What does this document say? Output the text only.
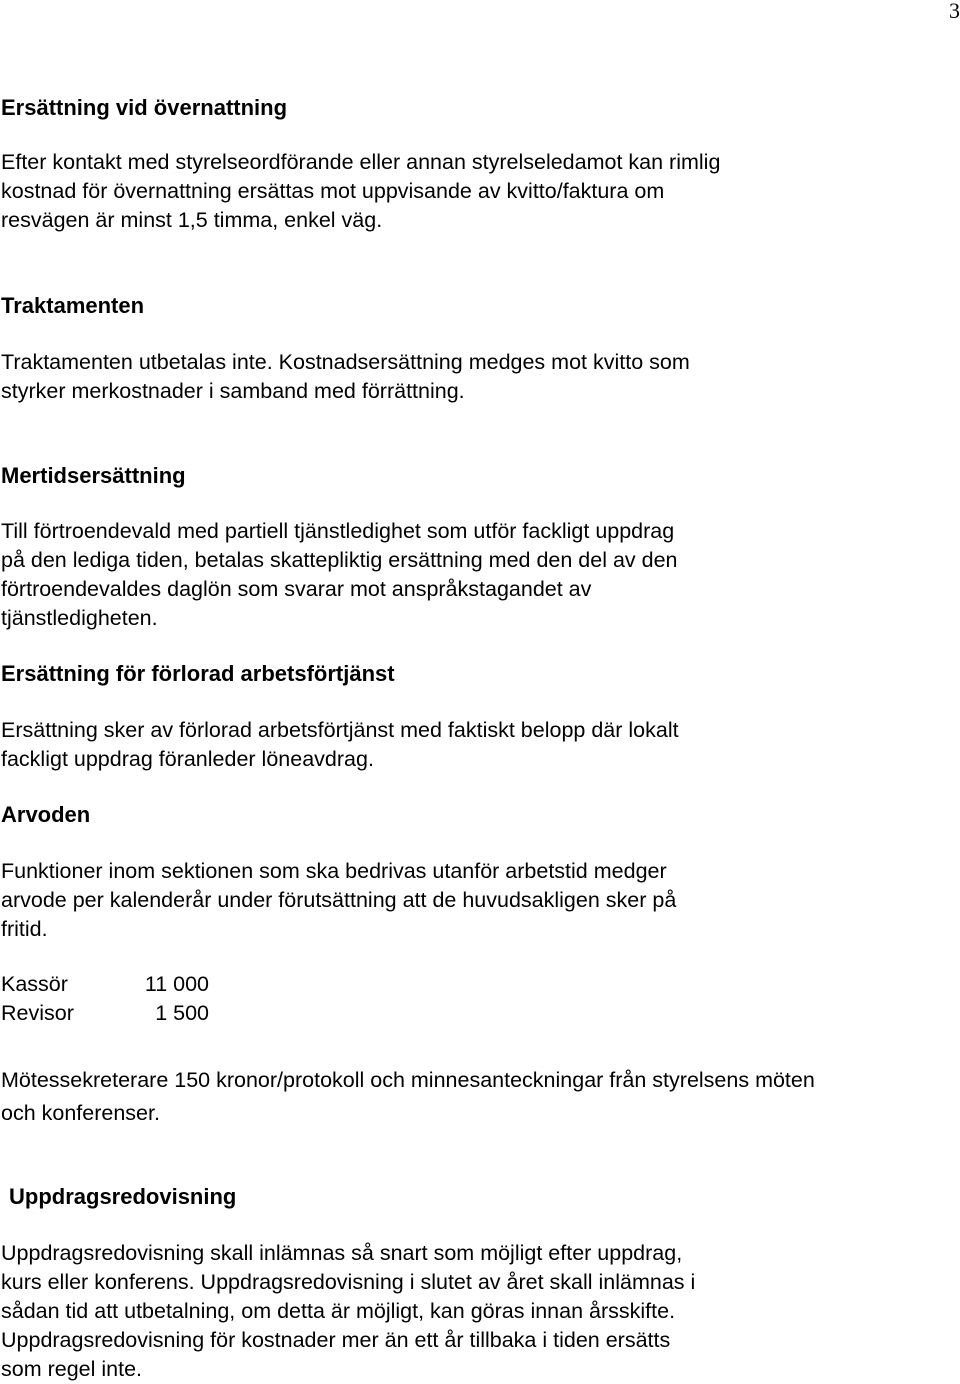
3
Ersättning vid övernattning
Efter kontakt med styrelseordförande eller annan styrelseledamot kan rimlig
kostnad för övernattning ersättas mot uppvisande av kvitto/faktura om
resvägen är minst 1,5 timma, enkel väg.
Traktamenten
Traktamenten utbetalas inte. Kostnadsersättning medges mot kvitto som
styrker merkostnader i samband med förrättning.
Mertidsersättning
Till förtroendevald med partiell tjänstledighet som utför fackligt uppdrag
på den lediga tiden, betalas skattepliktig ersättning med den del av den
förtroendevaldes daglön som svarar mot anspråkstagandet av
tjänstledigheten.
Ersättning för förlorad arbetsförtjänst
Ersättning sker av förlorad arbetsförtjänst med faktiskt belopp där lokalt
fackligt uppdrag föranleder löneavdrag.
Arvoden
Funktioner inom sektionen som ska bedrivas utanför arbetstid medger
arvode per kalenderår under förutsättning att de huvudsakligen sker på
fritid.
Kassör	11 000
Revisor	1 500
Mötessekreterare 150 kronor/protokoll och minnesanteckningar från styrelsens möten
och konferenser.
Uppdragsredovisning
Uppdragsredovisning skall inlämnas så snart som möjligt efter uppdrag,
kurs eller konferens. Uppdragsredovisning i slutet av året skall inlämnas i
sådan tid att utbetalning, om detta är möjligt, kan göras innan årsskifte.
Uppdragsredovisning för kostnader mer än ett år tillbaka i tiden ersätts
som regel inte.
